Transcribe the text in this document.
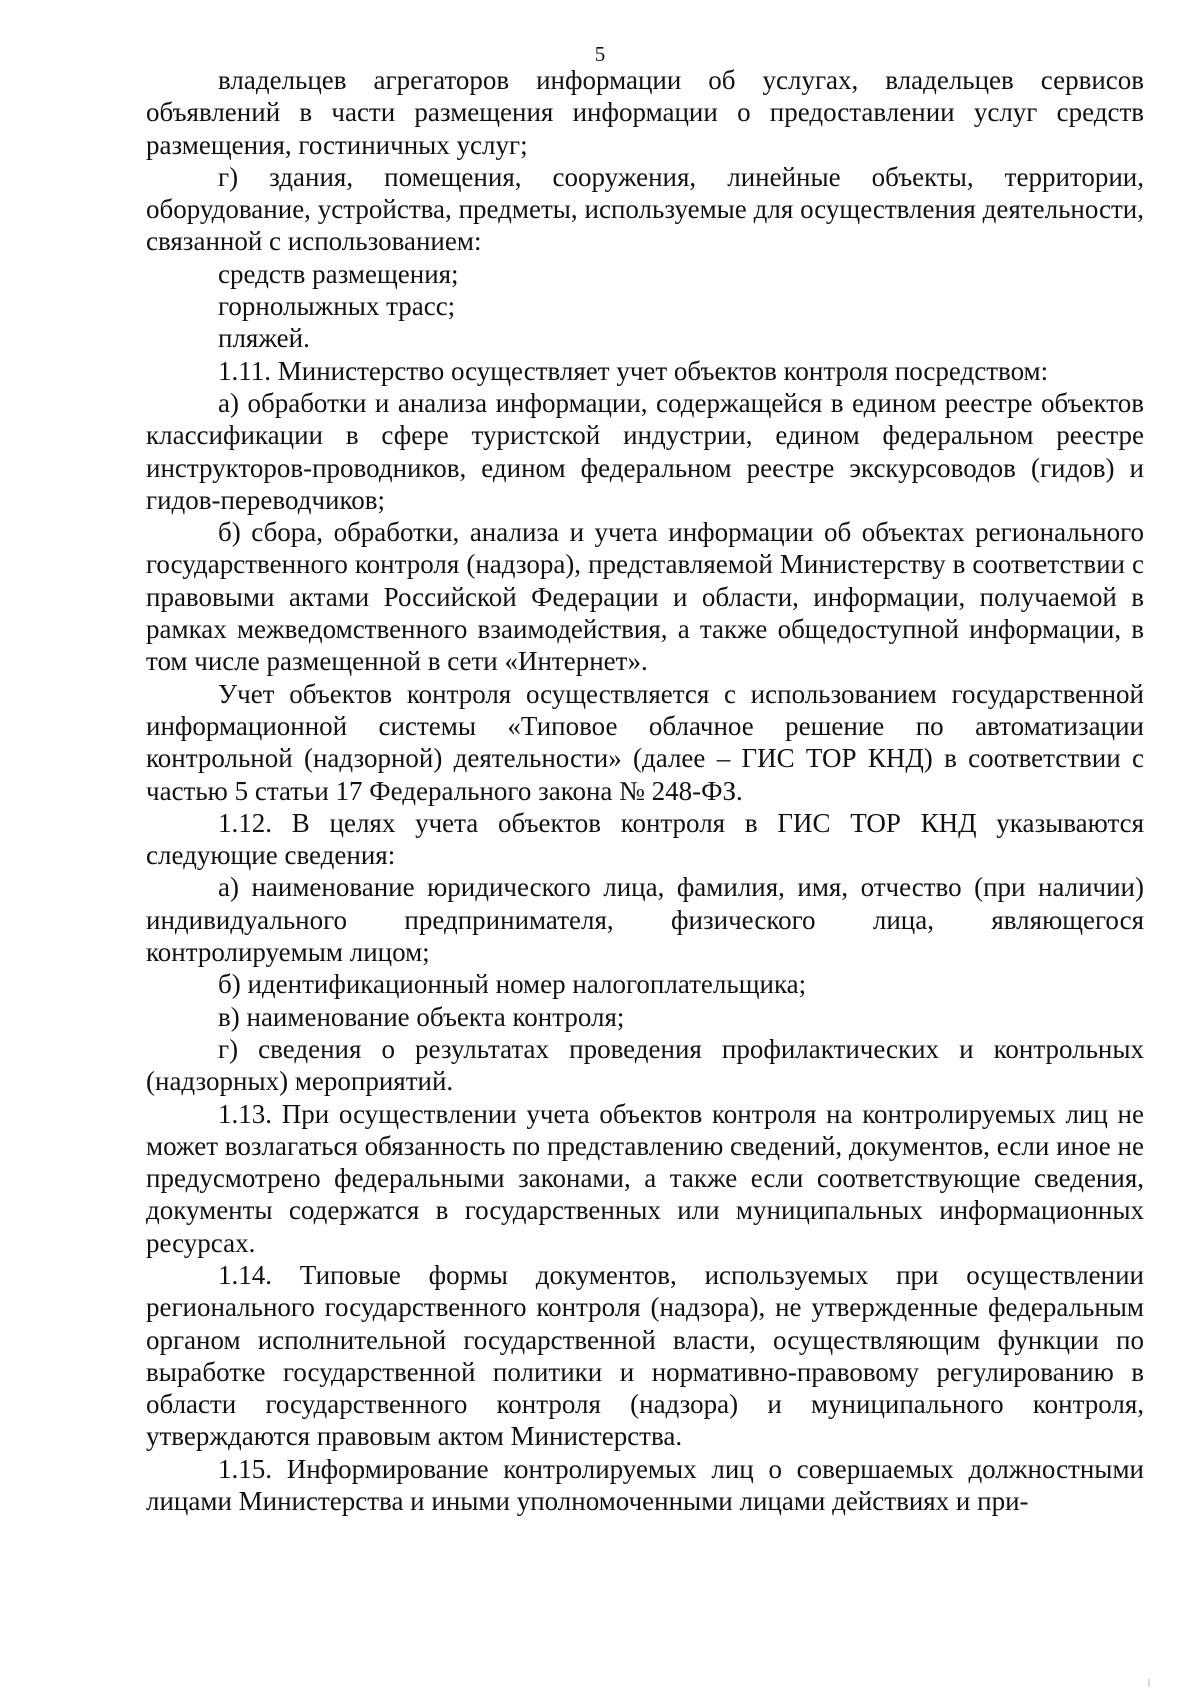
5

владельцев агрегаторов информации об услугах, владельцев сервисов объявлений в части размещения информации о предоставлении услуг средств размещения, гостиничных услуг;

г) здания, помещения, сооружения, линейные объекты, территории, оборудование, устройства, предметы, используемые для осуществления деятельности, связанной с использованием:

средств размещения;

горнолыжных трасс;

пляжей.

1.11. Министерство осуществляет учет объектов контроля посредством:

а) обработки и анализа информации, содержащейся в едином реестре объектов классификации в сфере туристской индустрии, едином федеральном реестре инструкторов-проводников, едином федеральном реестре экскурсоводов (гидов) и гидов-переводчиков;

б) сбора, обработки, анализа и учета информации об объектах регионального государственного контроля (надзора), представляемой Министерству в соответствии с правовыми актами Российской Федерации и области, информации, получаемой в рамках межведомственного взаимодействия, а также общедоступной информации, в том числе размещенной в сети «Интернет».

Учет объектов контроля осуществляется с использованием государственной информационной системы «Типовое облачное решение по автоматизации контрольной (надзорной) деятельности» (далее – ГИС ТОР КНД) в соответствии с частью 5 статьи 17 Федерального закона № 248-ФЗ.

1.12. В целях учета объектов контроля в ГИС ТОР КНД указываются следующие сведения:

а) наименование юридического лица, фамилия, имя, отчество (при наличии) индивидуального предпринимателя, физического лица, являющегося контролируемым лицом;

б) идентификационный номер налогоплательщика;

в) наименование объекта контроля;

г) сведения о результатах проведения профилактических и контрольных (надзорных) мероприятий.

1.13. При осуществлении учета объектов контроля на контролируемых лиц не может возлагаться обязанность по представлению сведений, документов, если иное не предусмотрено федеральными законами, а также если соответствующие сведения, документы содержатся в государственных или муниципальных информационных ресурсах.

1.14. Типовые формы документов, используемых при осуществлении регионального государственного контроля (надзора), не утвержденные федеральным органом исполнительной государственной власти, осуществляющим функции по выработке государственной политики и нормативно-правовому регулированию в области государственного контроля (надзора) и муниципального контроля, утверждаются правовым актом Министерства.

1.15. Информирование контролируемых лиц о совершаемых должностными лицами Министерства и иными уполномоченными лицами действиях и при-
